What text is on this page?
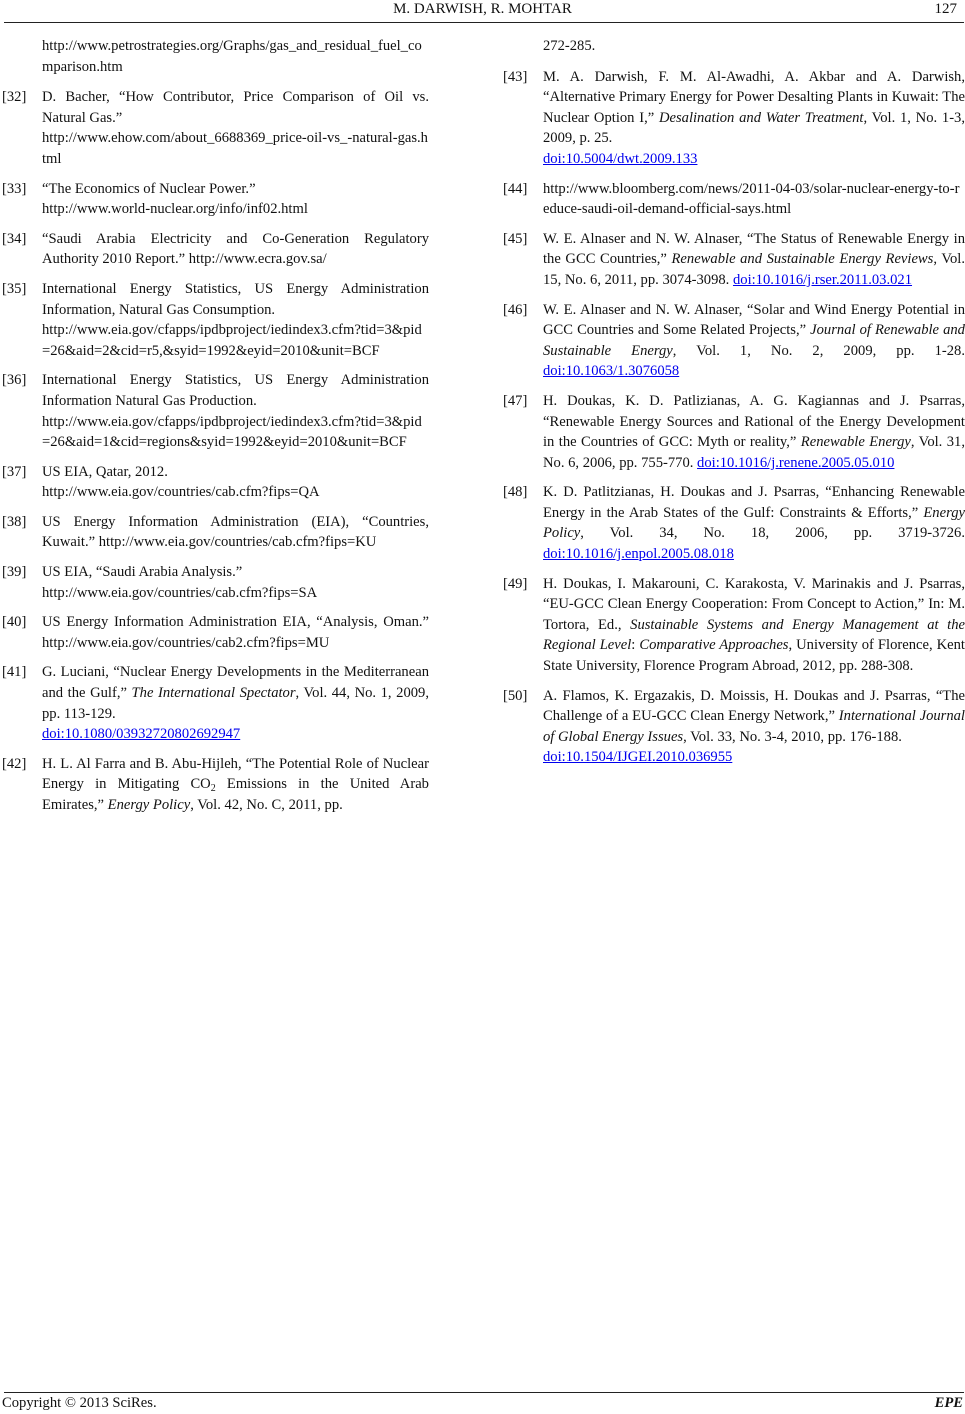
M. DARWISH, R. MOHTAR	127
http://www.petrostrategies.org/Graphs/gas_and_residual_fuel_comparison.htm
[32] D. Bacher, “How Contributor, Price Comparison of Oil vs. Natural Gas.”
http://www.ehow.com/about_6688369_price-oil-vs_-natural-gas.html
[33] “The Economics of Nuclear Power.”
http://www.world-nuclear.org/info/inf02.html
[34] “Saudi Arabia Electricity and Co-Generation Regulatory Authority 2010 Report.” http://www.ecra.gov.sa/
[35] International Energy Statistics, US Energy Administration Information, Natural Gas Consumption.
http://www.eia.gov/cfapps/ipdbproject/iedindex3.cfm?tid=3&pid=26&aid=2&cid=r5,&syid=1992&eyid=2010&unit=BCF
[36] International Energy Statistics, US Energy Administration Information Natural Gas Production.
http://www.eia.gov/cfapps/ipdbproject/iedindex3.cfm?tid=3&pid=26&aid=1&cid=regions&syid=1992&eyid=2010&unit=BCF
[37] US EIA, Qatar, 2012.
http://www.eia.gov/countries/cab.cfm?fips=QA
[38] US Energy Information Administration (EIA), “Countries, Kuwait.” http://www.eia.gov/countries/cab.cfm?fips=KU
[39] US EIA, “Saudi Arabia Analysis.”
http://www.eia.gov/countries/cab.cfm?fips=SA
[40] US Energy Information Administration EIA, “Analysis, Oman.” http://www.eia.gov/countries/cab2.cfm?fips=MU
[41] G. Luciani, “Nuclear Energy Developments in the Mediterranean and the Gulf,” The International Spectator, Vol. 44, No. 1, 2009, pp. 113-129.
doi:10.1080/03932720802692947
[42] H. L. Al Farra and B. Abu-Hijleh, “The Potential Role of Nuclear Energy in Mitigating $CO_2$ Emissions in the United Arab Emirates,” Energy Policy, Vol. 42, No. C, 2011, pp.
272-285.
[43] M. A. Darwish, F. M. Al-Awadhi, A. Akbar and A. Darwish, “Alternative Primary Energy for Power Desalting Plants in Kuwait: The Nuclear Option I,” Desalination and Water Treatment, Vol. 1, No. 1-3, 2009, p. 25.
doi:10.5004/dwt.2009.133
[44] http://www.bloomberg.com/news/2011-04-03/solar-nuclear-energy-to-reduce-saudi-oil-demand-official-says.html
[45] W. E. Alnaser and N. W. Alnaser, “The Status of Renewable Energy in the GCC Countries,” Renewable and Sustainable Energy Reviews, Vol. 15, No. 6, 2011, pp. 3074-3098. doi:10.1016/j.rser.2011.03.021
[46] W. E. Alnaser and N. W. Alnaser, “Solar and Wind Energy Potential in GCC Countries and Some Related Projects,” Journal of Renewable and Sustainable Energy, Vol. 1, No. 2, 2009, pp. 1-28. doi:10.1063/1.3076058
[47] H. Doukas, K. D. Patlizianas, A. G. Kagiannas and J. Psarras, “Renewable Energy Sources and Rational of the Energy Development in the Countries of GCC: Myth or reality,” Renewable Energy, Vol. 31, No. 6, 2006, pp. 755-770. doi:10.1016/j.renene.2005.05.010
[48] K. D. Patlitzianas, H. Doukas and J. Psarras, “Enhancing Renewable Energy in the Arab States of the Gulf: Constraints & Efforts,” Energy Policy, Vol. 34, No. 18, 2006, pp. 3719-3726. doi:10.1016/j.enpol.2005.08.018
[49] H. Doukas, I. Makarouni, C. Karakosta, V. Marinakis and J. Psarras, “EU-GCC Clean Energy Cooperation: From Concept to Action,” In: M. Tortora, Ed., Sustainable Systems and Energy Management at the Regional Level: Comparative Approaches, University of Florence, Kent State University, Florence Program Abroad, 2012, pp. 288-308.
[50] A. Flamos, K. Ergazakis, D. Moissis, H. Doukas and J. Psarras, “The Challenge of a EU-GCC Clean Energy Network,” International Journal of Global Energy Issues, Vol. 33, No. 3-4, 2010, pp. 176-188.
doi:10.1504/IJGEI.2010.036955
Copyright © 2013 SciRes.	EPE
